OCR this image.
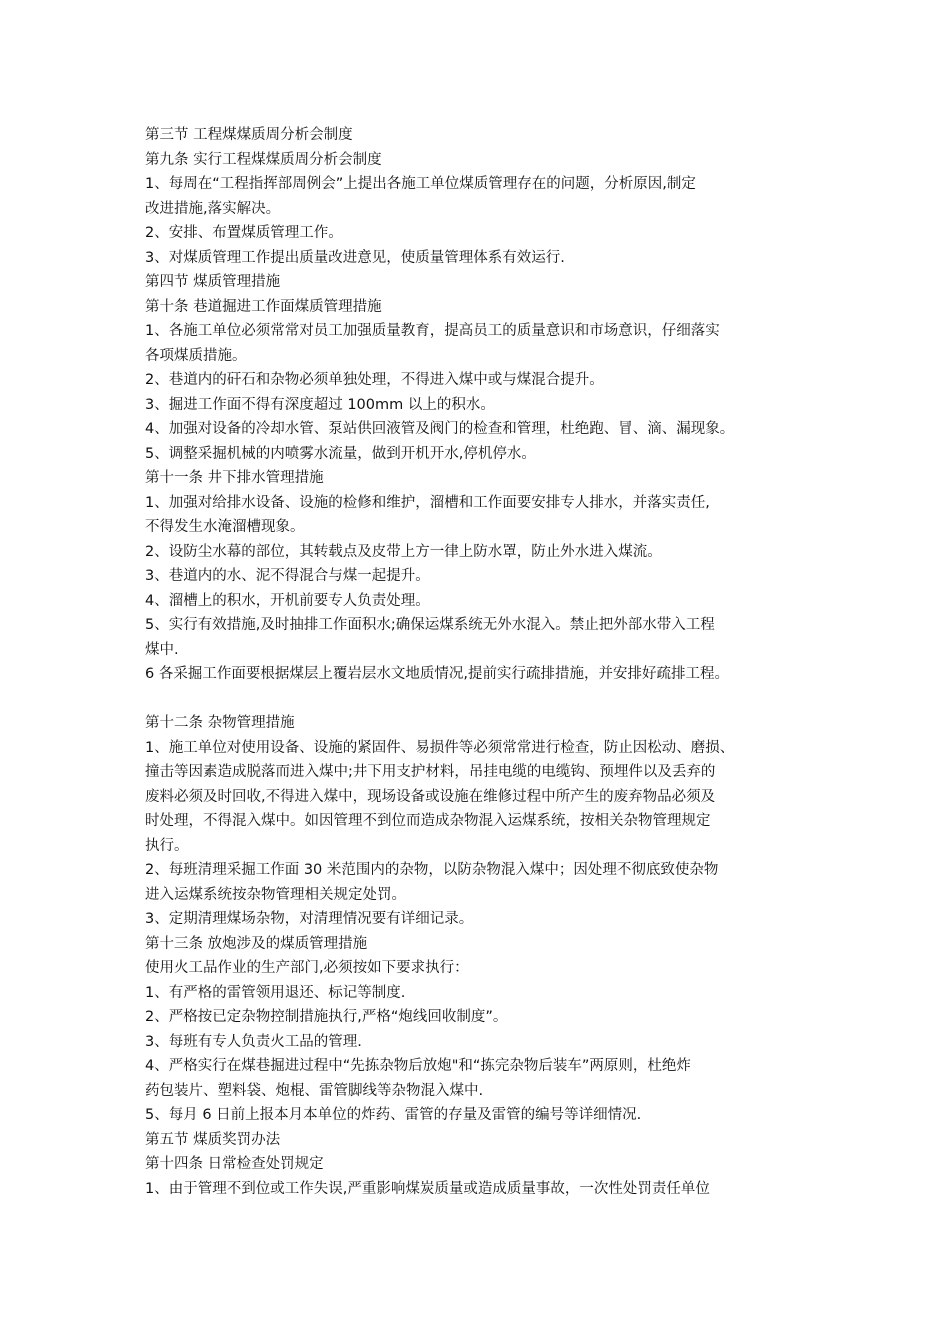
第三节 工程煤煤质周分析会制度
第九条 实行工程煤煤质周分析会制度
1、每周在“工程指挥部周例会”上提出各施工单位煤质管理存在的问题，分析原因,制定
改进措施,落实解决。
2、安排、布置煤质管理工作。
3、对煤质管理工作提出质量改进意见，使质量管理体系有效运行.
第四节 煤质管理措施
第十条 巷道掘进工作面煤质管理措施
1、各施工单位必须常常对员工加强质量教育，提高员工的质量意识和市场意识，仔细落实
各项煤质措施。
2、巷道内的矸石和杂物必须单独处理，不得进入煤中或与煤混合提升。
3、掘进工作面不得有深度超过 100mm 以上的积水。
4、加强对设备的冷却水管、泵站供回液管及阀门的检查和管理，杜绝跑、冒、滴、漏现象。
5、调整采掘机械的内喷雾水流量，做到开机开水,停机停水。
第十一条 井下排水管理措施
1、加强对给排水设备、设施的检修和维护，溜槽和工作面要安排专人排水，并落实责任,
不得发生水淹溜槽现象。
2、设防尘水幕的部位，其转载点及皮带上方一律上防水罩，防止外水进入煤流。
3、巷道内的水、泥不得混合与煤一起提升。
4、溜槽上的积水，开机前要专人负责处理。
5、实行有效措施,及时抽排工作面积水;确保运煤系统无外水混入。禁止把外部水带入工程
煤中.
6 各采掘工作面要根据煤层上覆岩层水文地质情况,提前实行疏排措施，并安排好疏排工程。
第十二条 杂物管理措施
1、施工单位对使用设备、设施的紧固件、易损件等必须常常进行检查，防止因松动、磨损、
撞击等因素造成脱落而进入煤中;井下用支护材料，吊挂电缆的电缆钩、预埋件以及丢弃的
废料必须及时回收,不得进入煤中，现场设备或设施在维修过程中所产生的废弃物品必须及
时处理，不得混入煤中。如因管理不到位而造成杂物混入运煤系统，按相关杂物管理规定
执行。
2、每班清理采掘工作面 30 米范围内的杂物，以防杂物混入煤中；因处理不彻底致使杂物
进入运煤系统按杂物管理相关规定处罚。
3、定期清理煤场杂物，对清理情况要有详细记录。
第十三条 放炮涉及的煤质管理措施
使用火工品作业的生产部门,必须按如下要求执行：
1、有严格的雷管领用退还、标记等制度.
2、严格按已定杂物控制措施执行,严格“炮线回收制度”。
3、每班有专人负责火工品的管理.
4、严格实行在煤巷掘进过程中“先拣杂物后放炮"和“拣完杂物后装车”两原则，杜绝炸
药包装片、塑料袋、炮棍、雷管脚线等杂物混入煤中.
5、每月 6 日前上报本月本单位的炸药、雷管的存量及雷管的编号等详细情况.
第五节 煤质奖罚办法
第十四条 日常检查处罚规定
1、由于管理不到位或工作失误,严重影响煤炭质量或造成质量事故，一次性处罚责任单位
